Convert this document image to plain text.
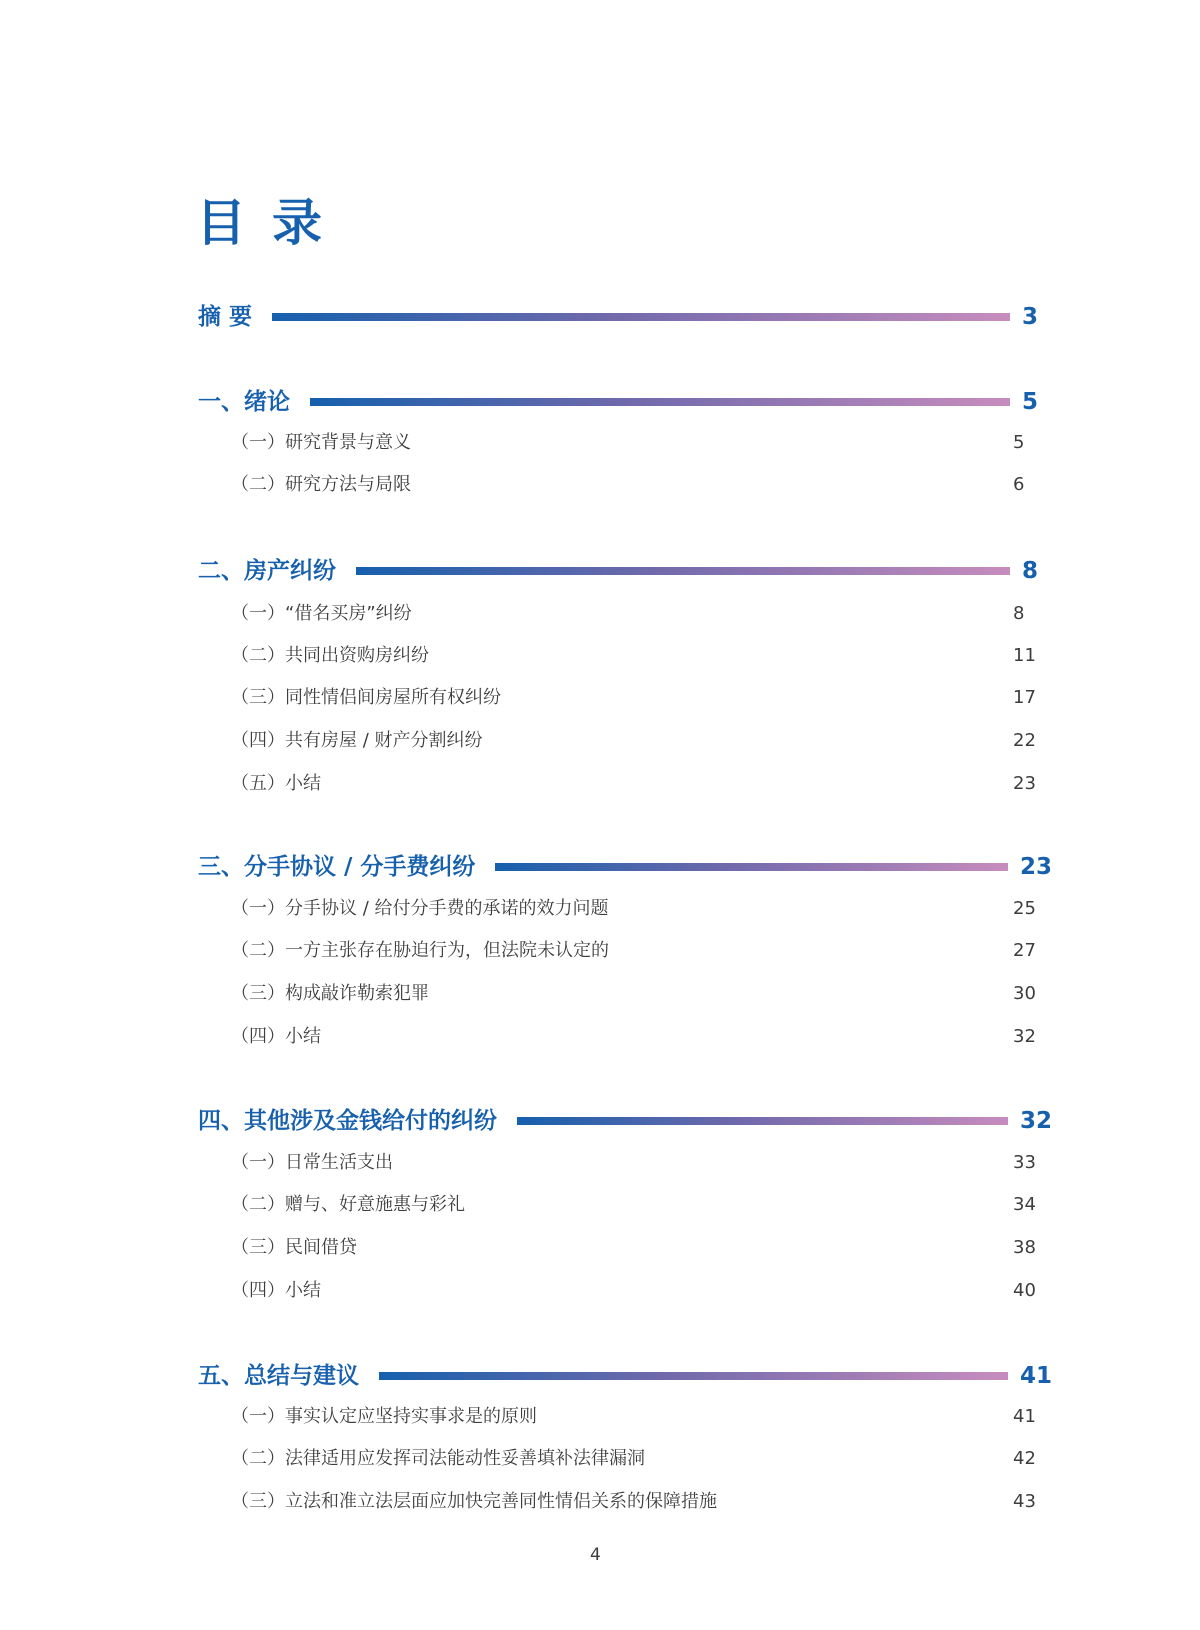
目录
摘 要	3
一、绪论	5
（一）研究背景与意义	5
（二）研究方法与局限	6
二、房产纠纷	8
（一）“借名买房”纠纷	8
（二）共同出资购房纠纷	11
（三）同性情侣间房屋所有权纠纷	17
（四）共有房屋 / 财产分割纠纷	22
（五）小结	23
三、分手协议 / 分手费纠纷	23
（一）分手协议 / 给付分手费的承诺的效力问题	25
（二）一方主张存在胁迫行为，但法院未认定的	27
（三）构成敲诈勒索犯罪	30
（四）小结	32
四、其他涉及金钱给付的纠纷	32
（一）日常生活支出	33
（二）赠与、好意施惠与彩礼	34
（三）民间借贷	38
（四）小结	40
五、总结与建议	41
（一）事实认定应坚持实事求是的原则	41
（二）法律适用应发挥司法能动性妥善填补法律漏洞	42
（三）立法和准立法层面应加快完善同性情侣关系的保障措施	43
4
